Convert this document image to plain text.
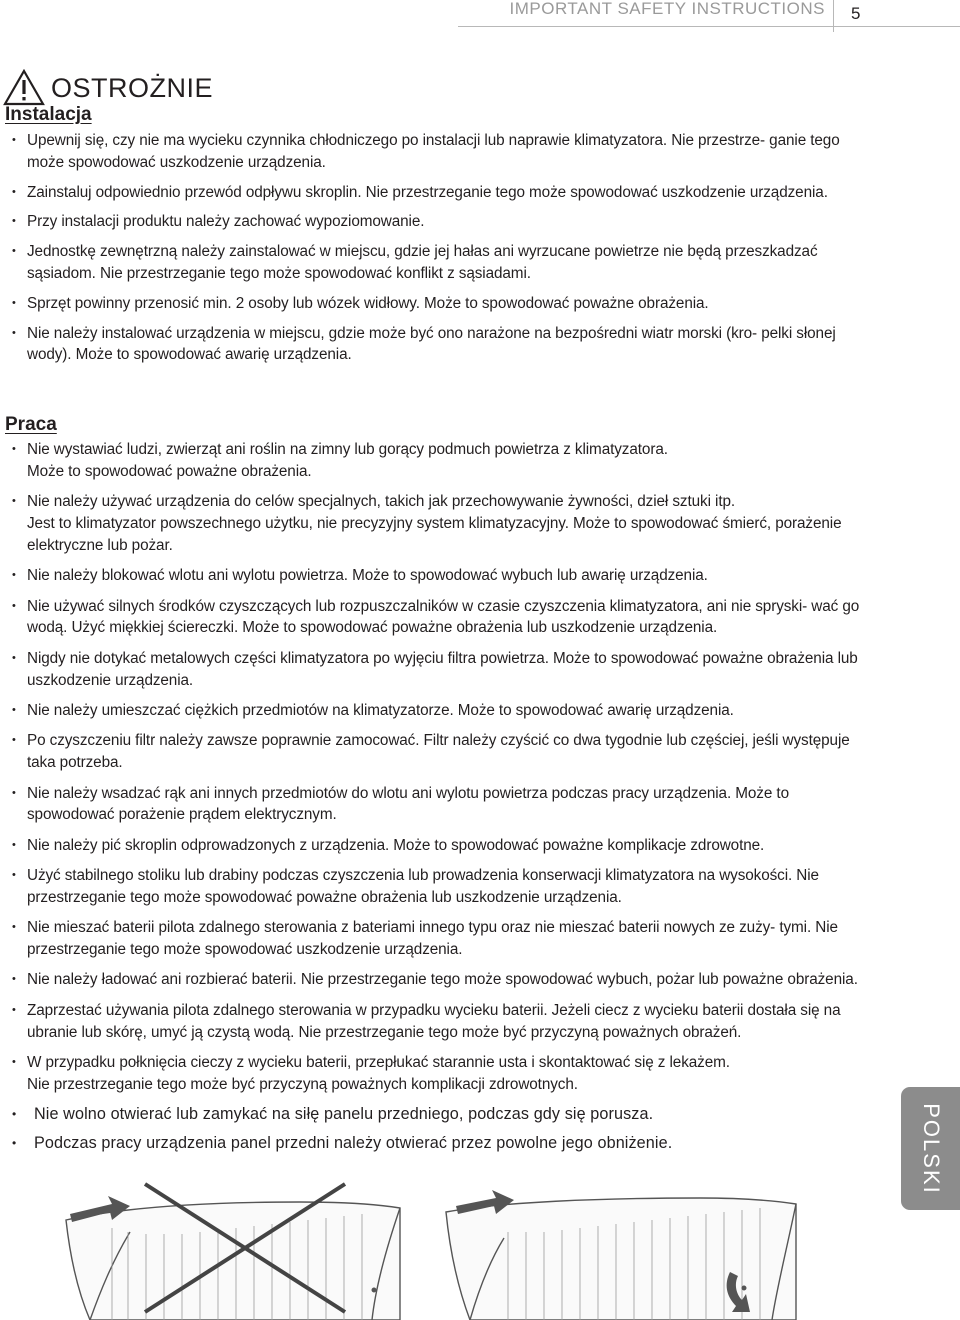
IMPORTANT SAFETY INSTRUCTIONS 5
OSTROŻNIE
Instalacja
• Upewnij się, czy nie ma wycieku czynnika chłodniczego po instalacji lub naprawie klimatyzatora. Nie przestrze- ganie tego może spowodować uszkodzenie urządzenia.
• Zainstaluj odpowiednio przewód odpływu skroplin. Nie przestrzeganie tego może spowodować uszkodzenie urządzenia.
• Przy instalacji produktu należy zachować wypoziomowanie.
• Jednostkę zewnętrzną należy zainstalować w miejscu, gdzie jej hałas ani wyrzucane powietrze nie będą przeszkadzać sąsiadom. Nie przestrzeganie tego może spowodować konflikt z sąsiadami.
• Sprzęt powinny przenosić min. 2 osoby lub wózek widłowy. Może to spowodować poważne obrażenia.
• Nie należy instalować urządzenia w miejscu, gdzie może być ono narażone na bezpośredni wiatr morski (kro- pelki słonej wody). Może to spowodować awarię urządzenia.
Praca
• Nie wystawiać ludzi, zwierząt ani roślin na zimny lub gorący podmuch powietrza z klimatyzatora.
Może to spowodować poważne obrażenia.
• Nie należy używać urządzenia do celów specjalnych, takich jak przechowywanie żywności, dzieł sztuki itp.
Jest to klimatyzator powszechnego użytku, nie precyzyjny system klimatyzacyjny. Może to spowodować śmierć, porażenie elektryczne lub pożar.
• Nie należy blokować wlotu ani wylotu powietrza. Może to spowodować wybuch lub awarię urządzenia.
• Nie używać silnych środków czyszczących lub rozpuszczalników w czasie czyszczenia klimatyzatora, ani nie spryski- wać go wodą. Użyć miękkiej ściereczki. Może to spowodować poważne obrażenia lub uszkodzenie urządzenia.
• Nigdy nie dotykać metalowych części klimatyzatora po wyjęciu filtra powietrza. Może to spowodować poważne obrażenia lub uszkodzenie urządzenia.
• Nie należy umieszczać ciężkich przedmiotów na klimatyzatorze. Może to spowodować awarię urządzenia.
• Po czyszczeniu filtr należy zawsze poprawnie zamocować. Filtr należy czyścić co dwa tygodnie lub częściej, jeśli występuje taka potrzeba.
• Nie należy wsadzać rąk ani innych przedmiotów do wlotu ani wylotu powietrza podczas pracy urządzenia. Może to spowodować porażenie prądem elektrycznym.
• Nie należy pić skroplin odprowadzonych z urządzenia. Może to spowodować poważne komplikacje zdrowotne.
• Użyć stabilnego stoliku lub drabiny podczas czyszczenia lub prowadzenia konserwacji klimatyzatora na wysokości. Nie przestrzeganie tego może spowodować poważne obrażenia lub uszkodzenie urządzenia.
• Nie mieszać baterii pilota zdalnego sterowania z bateriami innego typu oraz nie mieszać baterii nowych ze zuży- tymi. Nie przestrzeganie tego może spowodować uszkodzenie urządzenia.
• Nie należy ładować ani rozbierać baterii. Nie przestrzeganie tego może spowodować wybuch, pożar lub poważne obrażenia.
• Zaprzestać używania pilota zdalnego sterowania w przypadku wycieku baterii. Jeżeli ciecz z wycieku baterii dostała się na ubranie lub skórę, umyć ją czystą wodą. Nie przestrzeganie tego może być przyczyną poważnych obrażeń.
• W przypadku połknięcia cieczy z wycieku baterii, przepłukać starannie usta i skontaktować się z lekażem.
Nie przestrzeganie tego może być przyczyną poważnych komplikacji zdrowotnych.
• Nie wolno otwierać lub zamykać na siłę panelu przedniego, podczas gdy się porusza.
• Podczas pracy urządzenia panel przedni należy otwierać przez powolne jego obniżenie.	POLSKI
